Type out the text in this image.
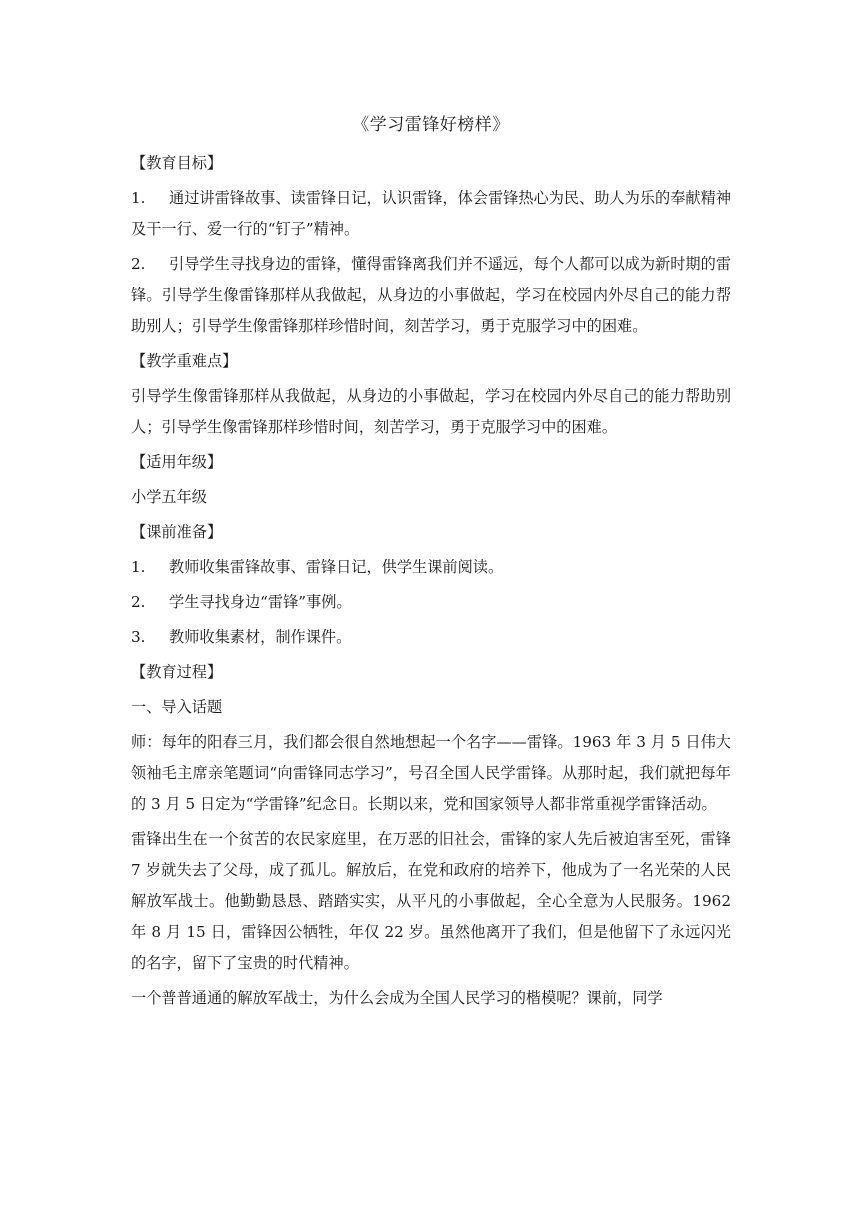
《学习雷锋好榜样》
【教育目标】
1. 通过讲雷锋故事、读雷锋日记，认识雷锋，体会雷锋热心为民、助人为乐的奉献精神及干一行、爱一行的“钉子”精神。
2. 引导学生寻找身边的雷锋，懂得雷锋离我们并不遥远，每个人都可以成为新时期的雷锋。引导学生像雷锋那样从我做起，从身边的小事做起，学习在校园内外尽自己的能力帮助别人；引导学生像雷锋那样珍惜时间，刻苦学习，勇于克服学习中的困难。
【教学重难点】
引导学生像雷锋那样从我做起，从身边的小事做起，学习在校园内外尽自己的能力帮助别人；引导学生像雷锋那样珍惜时间，刻苦学习，勇于克服学习中的困难。
【适用年级】
小学五年级
【课前准备】
1. 教师收集雷锋故事、雷锋日记，供学生课前阅读。
2. 学生寻找身边“雷锋”事例。
3. 教师收集素材，制作课件。
【教育过程】
一、导入话题
师：每年的阳春三月，我们都会很自然地想起一个名字——雷锋。1963 年 3 月 5 日伟大领袖毛主席亲笔题词“向雷锋同志学习”，号召全国人民学雷锋。从那时起，我们就把每年的 3 月 5 日定为“学雷锋”纪念日。长期以来，党和国家领导人都非常重视学雷锋活动。
雷锋出生在一个贫苦的农民家庭里，在万恶的旧社会，雷锋的家人先后被迫害至死，雷锋 7 岁就失去了父母，成了孤儿。解放后，在党和政府的培养下，他成为了一名光荣的人民解放军战士。他勤勤恳恳、踏踏实实，从平凡的小事做起，全心全意为人民服务。1962 年 8 月 15 日，雷锋因公牺牲，年仅 22 岁。虽然他离开了我们，但是他留下了永远闪光的名字，留下了宝贵的时代精神。
一个普普通通的解放军战士，为什么会成为全国人民学习的楷模呢？课前，同学
